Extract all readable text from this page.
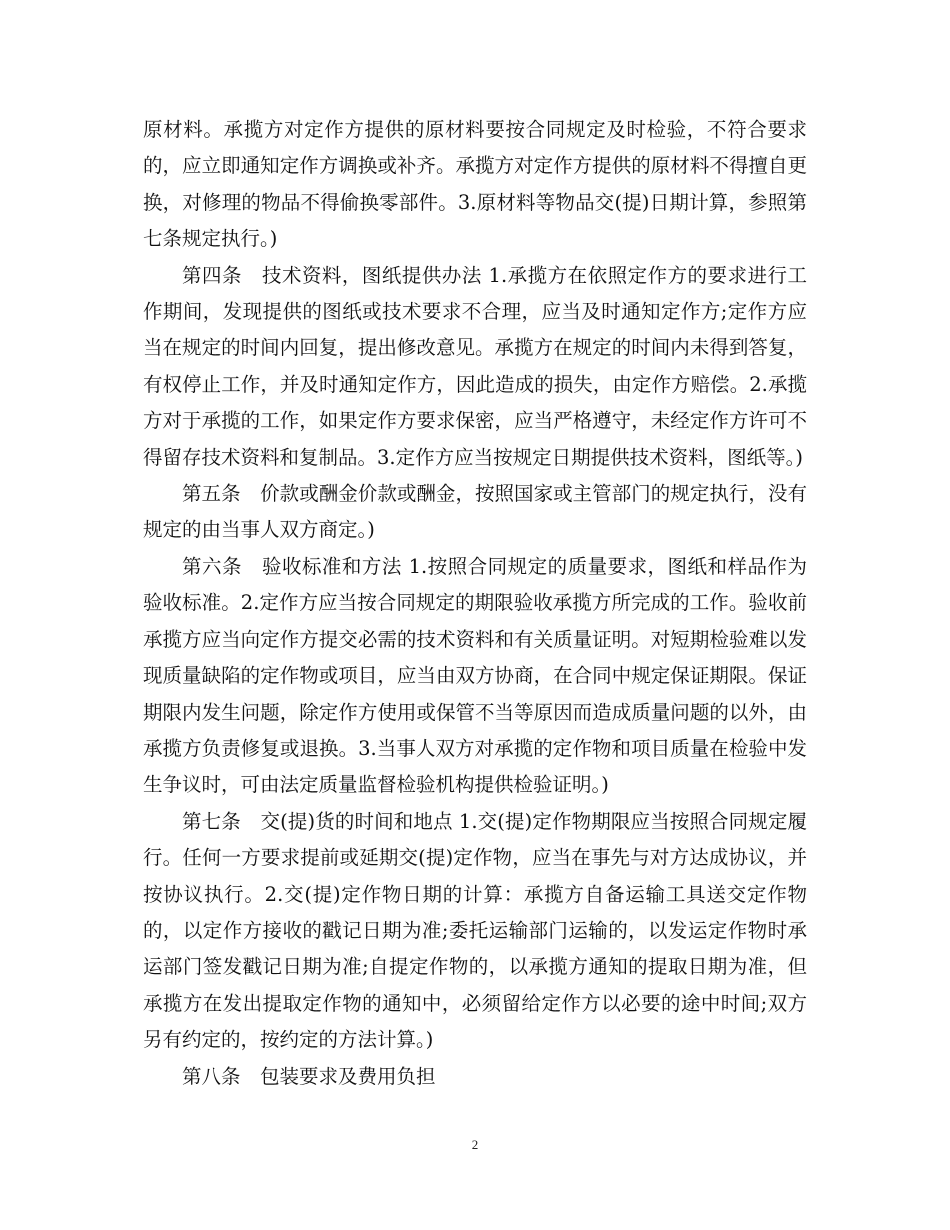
原材料。承揽方对定作方提供的原材料要按合同规定及时检验，不符合要求的，应立即通知定作方调换或补齐。承揽方对定作方提供的原材料不得擅自更换，对修理的物品不得偷换零部件。3.原材料等物品交(提)日期计算，参照第七条规定执行。)

第四条　技术资料，图纸提供办法 1.承揽方在依照定作方的要求进行工作期间，发现提供的图纸或技术要求不合理，应当及时通知定作方;定作方应当在规定的时间内回复，提出修改意见。承揽方在规定的时间内未得到答复，有权停止工作，并及时通知定作方，因此造成的损失，由定作方赔偿。2.承揽方对于承揽的工作，如果定作方要求保密，应当严格遵守，未经定作方许可不得留存技术资料和复制品。3.定作方应当按规定日期提供技术资料，图纸等。)

第五条　价款或酬金价款或酬金，按照国家或主管部门的规定执行，没有规定的由当事人双方商定。)

第六条　验收标准和方法 1.按照合同规定的质量要求，图纸和样品作为验收标准。2.定作方应当按合同规定的期限验收承揽方所完成的工作。验收前承揽方应当向定作方提交必需的技术资料和有关质量证明。对短期检验难以发现质量缺陷的定作物或项目，应当由双方协商，在合同中规定保证期限。保证期限内发生问题，除定作方使用或保管不当等原因而造成质量问题的以外，由承揽方负责修复或退换。3.当事人双方对承揽的定作物和项目质量在检验中发生争议时，可由法定质量监督检验机构提供检验证明。)

第七条　交(提)货的时间和地点 1.交(提)定作物期限应当按照合同规定履行。任何一方要求提前或延期交(提)定作物，应当在事先与对方达成协议，并按协议执行。2.交(提)定作物日期的计算：承揽方自备运输工具送交定作物的，以定作方接收的戳记日期为准;委托运输部门运输的，以发运定作物时承运部门签发戳记日期为准;自提定作物的，以承揽方通知的提取日期为准，但承揽方在发出提取定作物的通知中，必须留给定作方以必要的途中时间;双方另有约定的，按约定的方法计算。)

第八条　包装要求及费用负担

2
